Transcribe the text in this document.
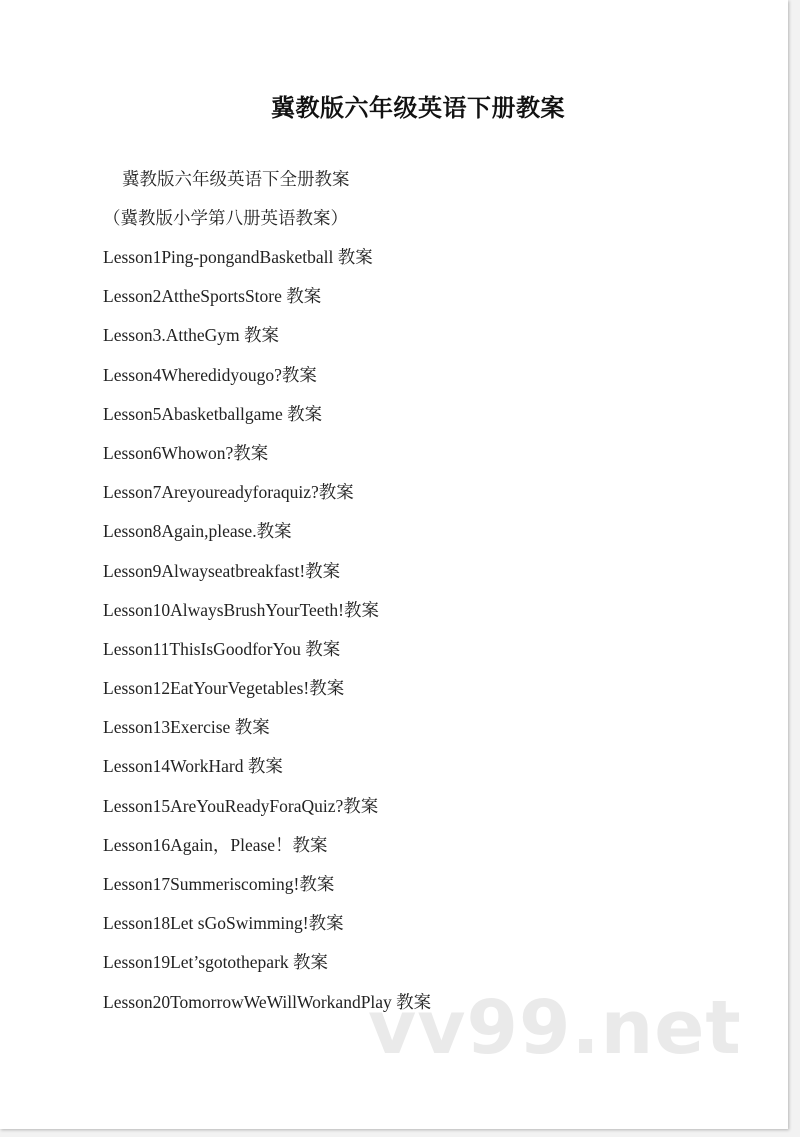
冀教版六年级英语下册教案
冀教版六年级英语下全册教案
（冀教版小学第八册英语教案）
Lesson1Ping-pongandBasketball 教案
Lesson2AttheSportsStore 教案
Lesson3.AttheGym 教案
Lesson4Wheredidyougo?教案
Lesson5Abasketballgame 教案
Lesson6Whowon?教案
Lesson7Areyoureadyforaquiz?教案
Lesson8Again,please.教案
Lesson9Alwayseatbreakfast!教案
Lesson10AlwaysBrushYourTeeth!教案
Lesson11ThisIsGoodforYou 教案
Lesson12EatYourVegetables!教案
Lesson13Exercise 教案
Lesson14WorkHard 教案
Lesson15AreYouReadyForaQuiz?教案
Lesson16Again，Please！教案
Lesson17Summeriscoming!教案
Lesson18Let sGoSwimming!教案
Lesson19Let’sgotothepark 教案
Lesson20TomorrowWeWillWorkandPlay 教案
vv99.net
